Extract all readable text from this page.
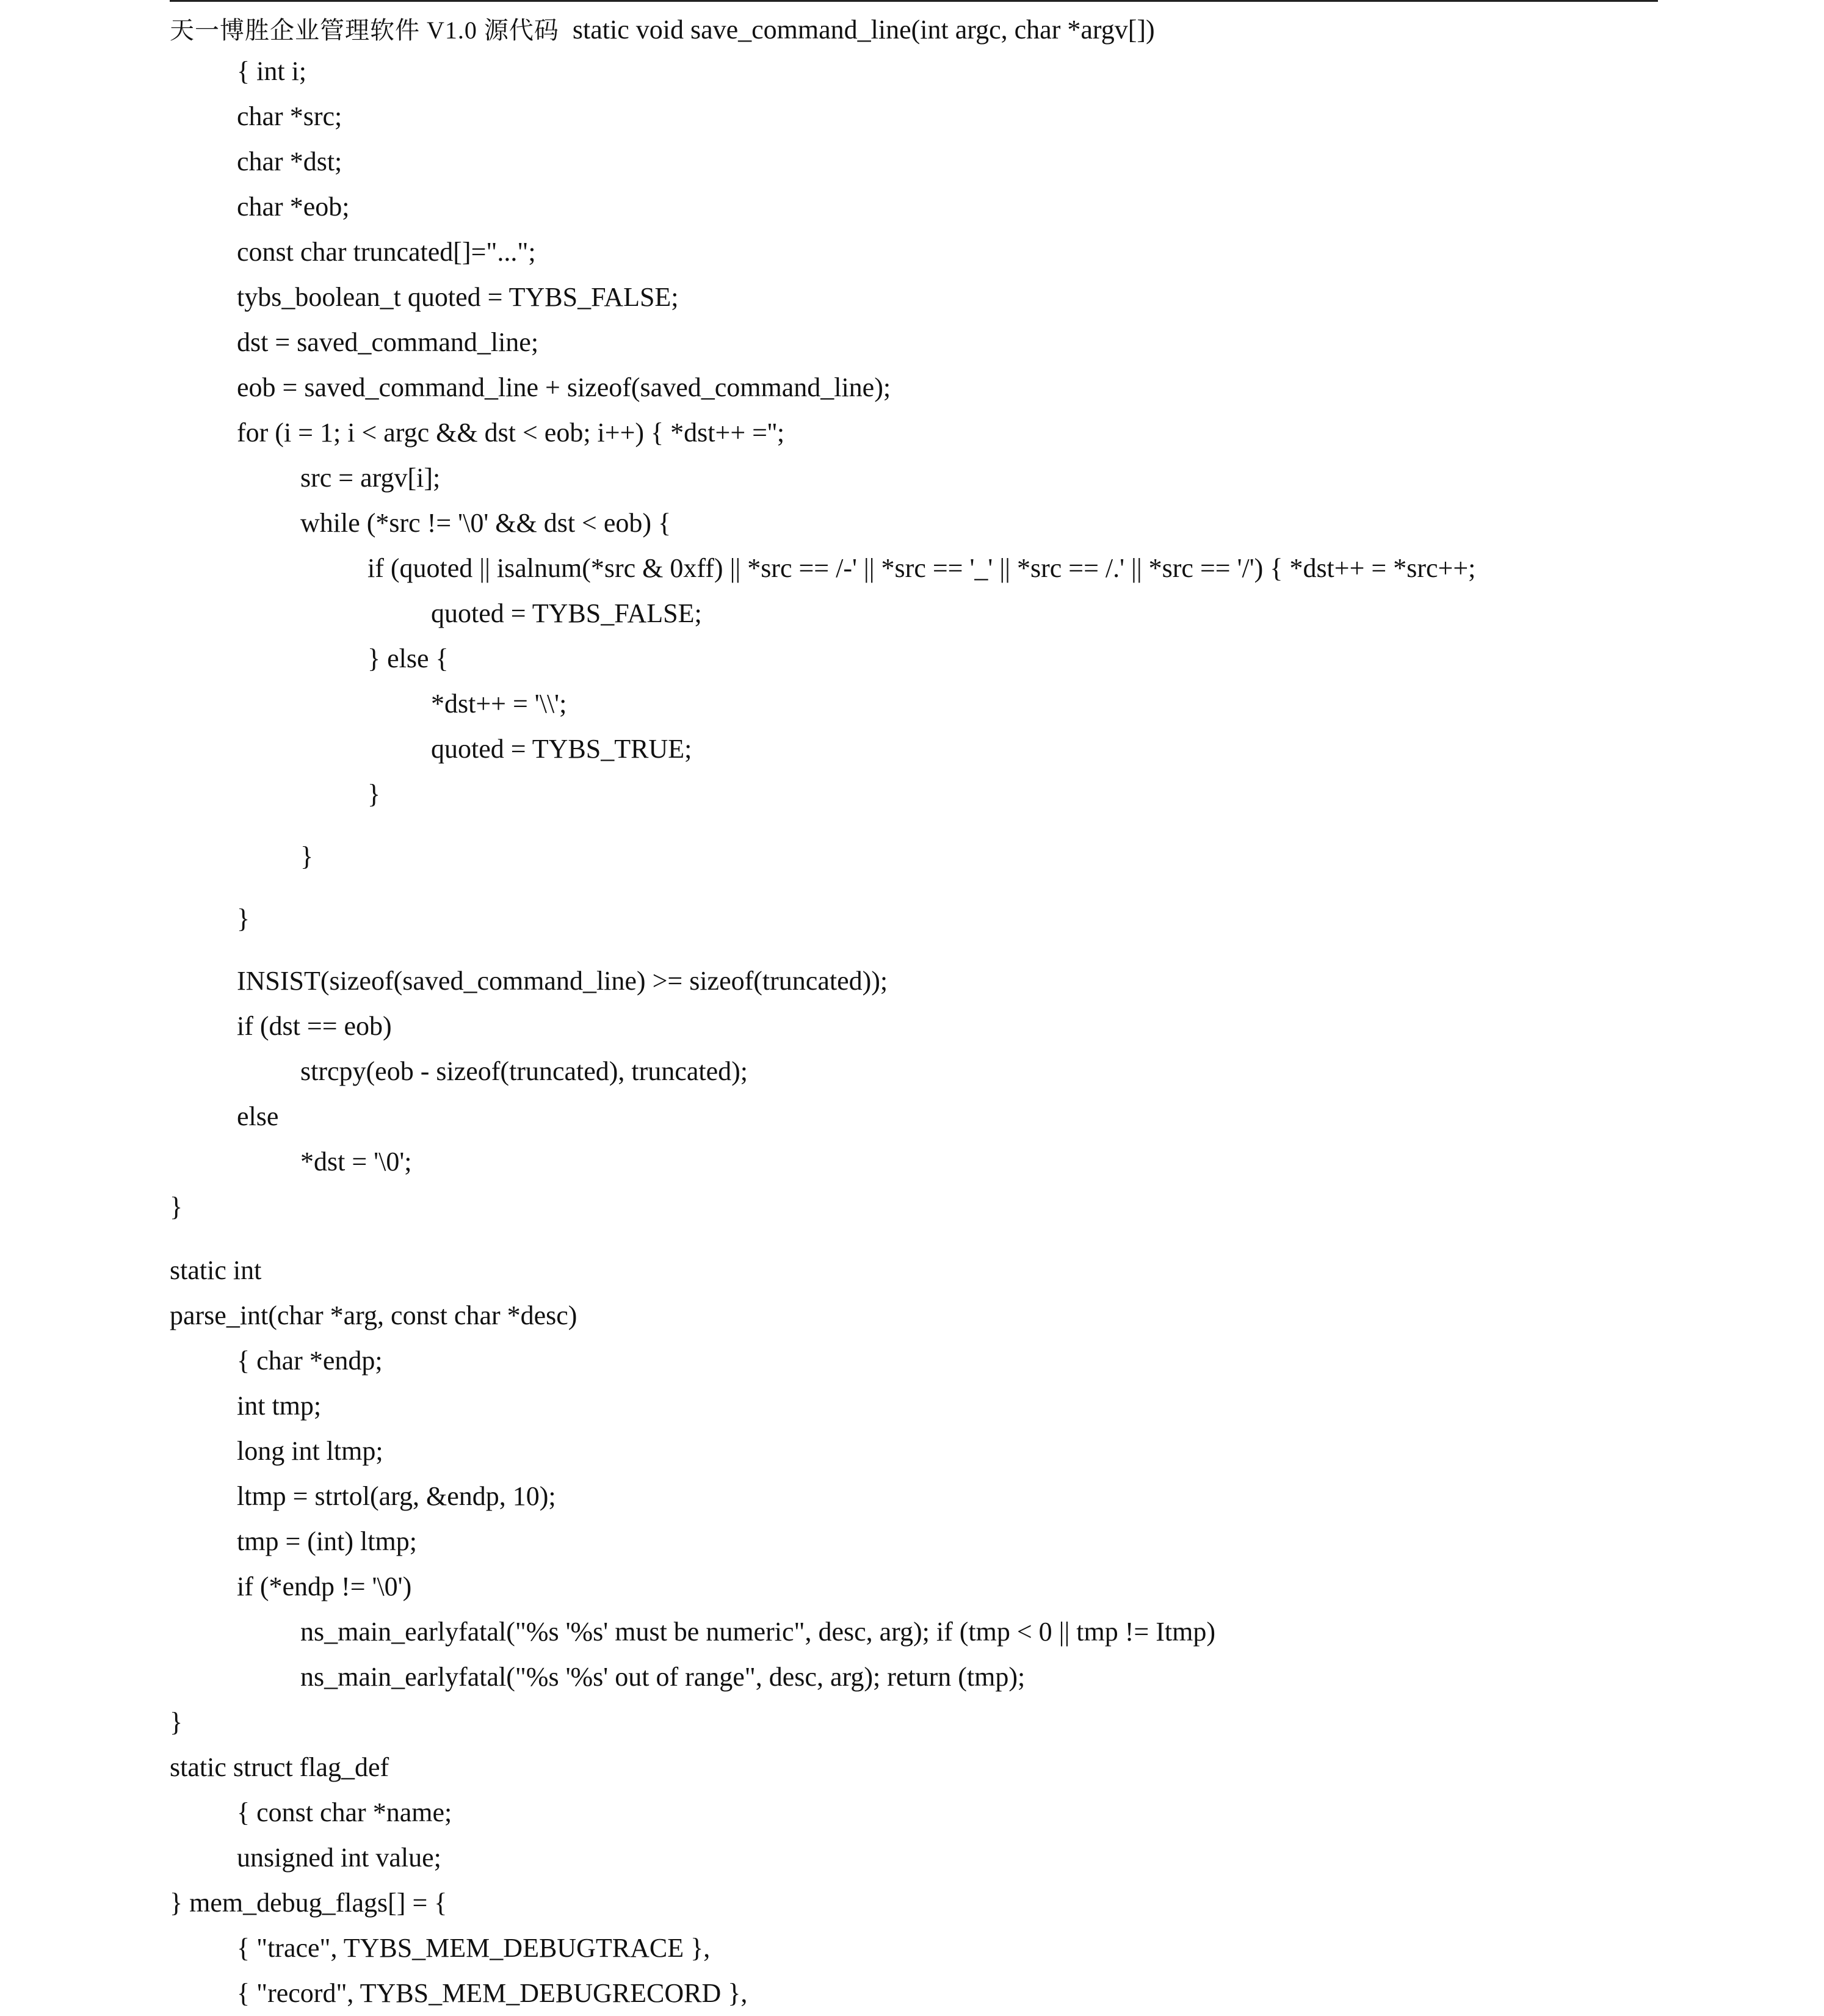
天一博胜企业管理软件 V1.0 源代码 static void save_command_line(int argc, char *argv[])
{ int i;
char *src;
char *dst;
char *eob;
const char truncated[]="...";
tybs_boolean_t quoted = TYBS_FALSE;
dst = saved_command_line;
eob = saved_command_line + sizeof(saved_command_line);
for (i = 1; i < argc && dst < eob; i++) { *dst++ ='';
src = argv[i];
while (*src != '\0' && dst < eob) {
if (quoted || isalnum(*src & 0xff) || *src == /-' || *src == '_' || *src == /.' || *src == '/') { *dst++ = *src++;
quoted = TYBS_FALSE;
} else {
*dst++ = '\\';
quoted = TYBS_TRUE;
}
}
}
INSIST(sizeof(saved_command_line) >= sizeof(truncated));
if (dst == eob)
strcpy(eob - sizeof(truncated), truncated);
else
*dst = '\0';
}
static int
parse_int(char *arg, const char *desc)
{ char *endp;
int tmp;
long int ltmp;
ltmp = strtol(arg, &endp, 10);
tmp = (int) ltmp;
if (*endp != '\0')
ns_main_earlyfatal("%s '%s' must be numeric", desc, arg); if (tmp < 0 || tmp != Itmp)
ns_main_earlyfatal("%s '%s' out of range", desc, arg); return (tmp);
}
static struct flag_def
{ const char *name;
unsigned int value;
} mem_debug_flags[] = {
{ "trace", TYBS_MEM_DEBUGTRACE },
{ "record", TYBS_MEM_DEBUGRECORD },
